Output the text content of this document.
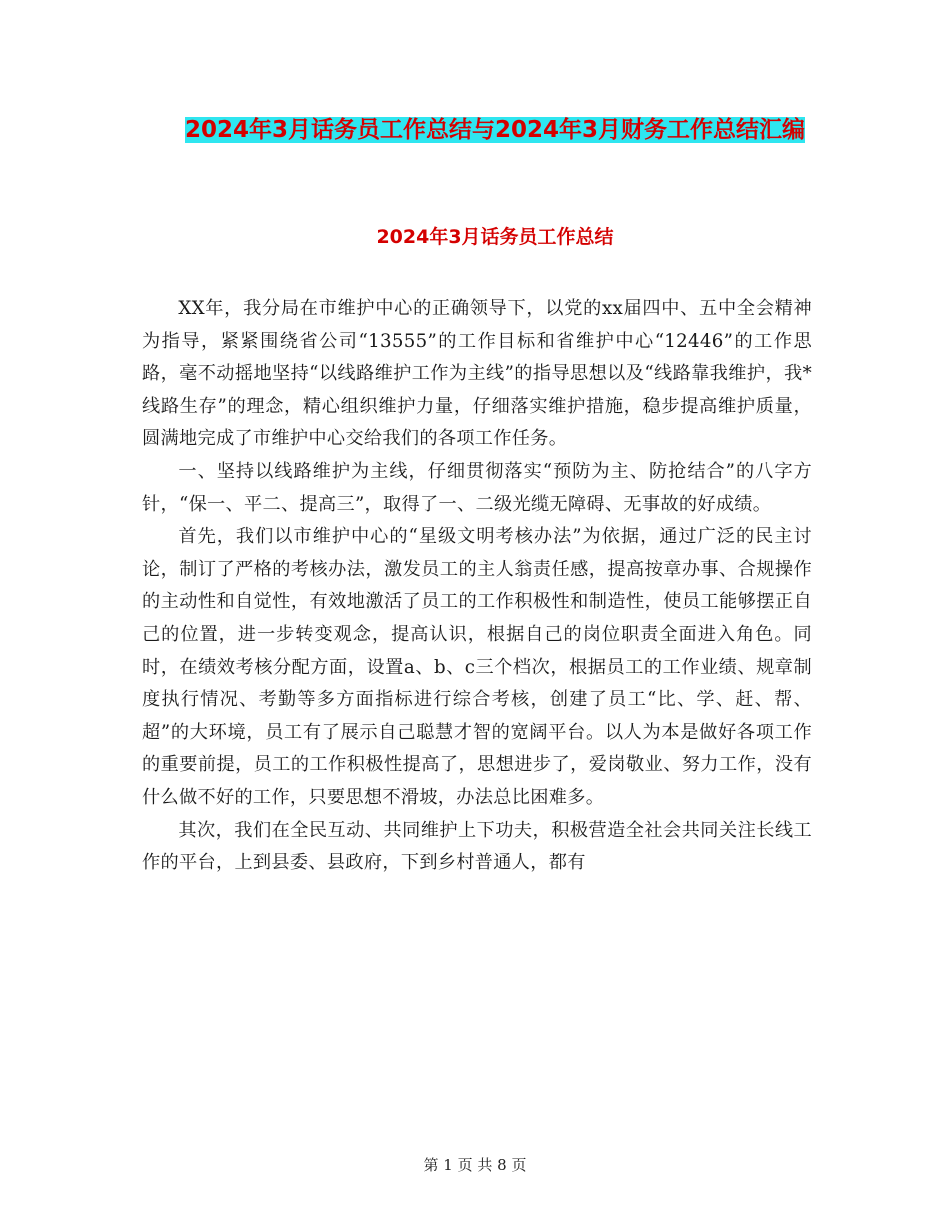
2024年3月话务员工作总结与2024年3月财务工作总结汇编
2024年3月话务员工作总结

XX年，我分局在市维护中心的正确领导下，以党的xx届四中、五中全会精神为指导，紧紧围绕省公司“13555”的工作目标和省维护中心“12446”的工作思路，毫不动摇地坚持“以线路维护工作为主线”的指导思想以及“线路靠我维护，我*线路生存”的理念，精心组织维护力量，仔细落实维护措施，稳步提高维护质量，圆满地完成了市维护中心交给我们的各项工作任务。

一、坚持以线路维护为主线，仔细贯彻落实“预防为主、防抢结合”的八字方针，“保一、平二、提高三”，取得了一、二级光缆无障碍、无事故的好成绩。

首先，我们以市维护中心的“星级文明考核办法”为依据，通过广泛的民主讨论，制订了严格的考核办法，激发员工的主人翁责任感，提高按章办事、合规操作的主动性和自觉性，有效地激活了员工的工作积极性和制造性，使员工能够摆正自己的位置，进一步转变观念，提高认识，根据自己的岗位职责全面进入角色。同时，在绩效考核分配方面，设置a、b、c三个档次，根据员工的工作业绩、规章制度执行情况、考勤等多方面指标进行综合考核，创建了员工“比、学、赶、帮、超”的大环境，员工有了展示自己聪慧才智的宽阔平台。以人为本是做好各项工作的重要前提，员工的工作积极性提高了，思想进步了，爱岗敬业、努力工作，没有什么做不好的工作，只要思想不滑坡，办法总比困难多。

其次，我们在全民互动、共同维护上下功夫，积极营造全社会共同关注长线工作的平台，上到县委、县政府，下到乡村普通人，都有

第 1 页 共 8 页
